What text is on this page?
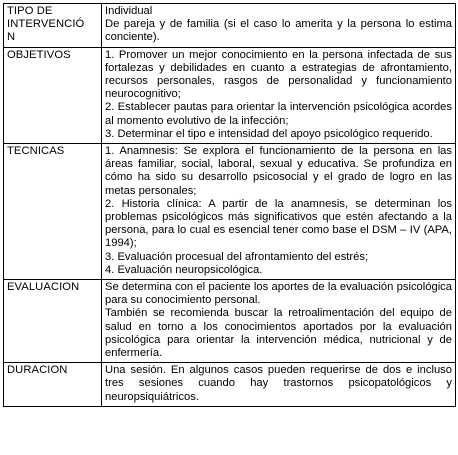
TIPO DE INTERVENCIÓ N	Individual
De pareja y de familia (si el caso lo amerita y la persona lo estima conciente).

OBJETIVOS	1. Promover un mejor conocimiento en la persona infectada de sus fortalezas y debilidades en cuanto a estrategias de afrontamiento, recursos personales, rasgos de personalidad y funcionamiento neurocognitivo;
2. Establecer pautas para orientar la intervención psicológica acordes al momento evolutivo de la infección;
3. Determinar el tipo e intensidad del apoyo psicológico requerido.

TECNICAS	1. Anamnesis: Se explora el funcionamiento de la persona en las áreas familiar, social, laboral, sexual y educativa. Se profundiza en cómo ha sido su desarrollo psicosocial y el grado de logro en las metas personales;
2. Historia clínica: A partir de la anamnesis, se determinan los problemas psicológicos más significativos que estén afectando a la persona, para lo cual es esencial tener como base el DSM – IV (APA, 1994);
3. Evaluación procesual del afrontamiento del estrés;
4. Evaluación neuropsicológica.

EVALUACION	Se determina con el paciente los aportes de la evaluación psicológica para su conocimiento personal.
También se recomienda buscar la retroalimentación del equipo de salud en torno a los conocimientos aportados por la evaluación psicológica para orientar la intervención médica, nutricional y de enfermería.

DURACION	Una sesión. En algunos casos pueden requerirse de dos e incluso tres sesiones cuando hay trastornos psicopatológicos y neuropsiquiátricos.
